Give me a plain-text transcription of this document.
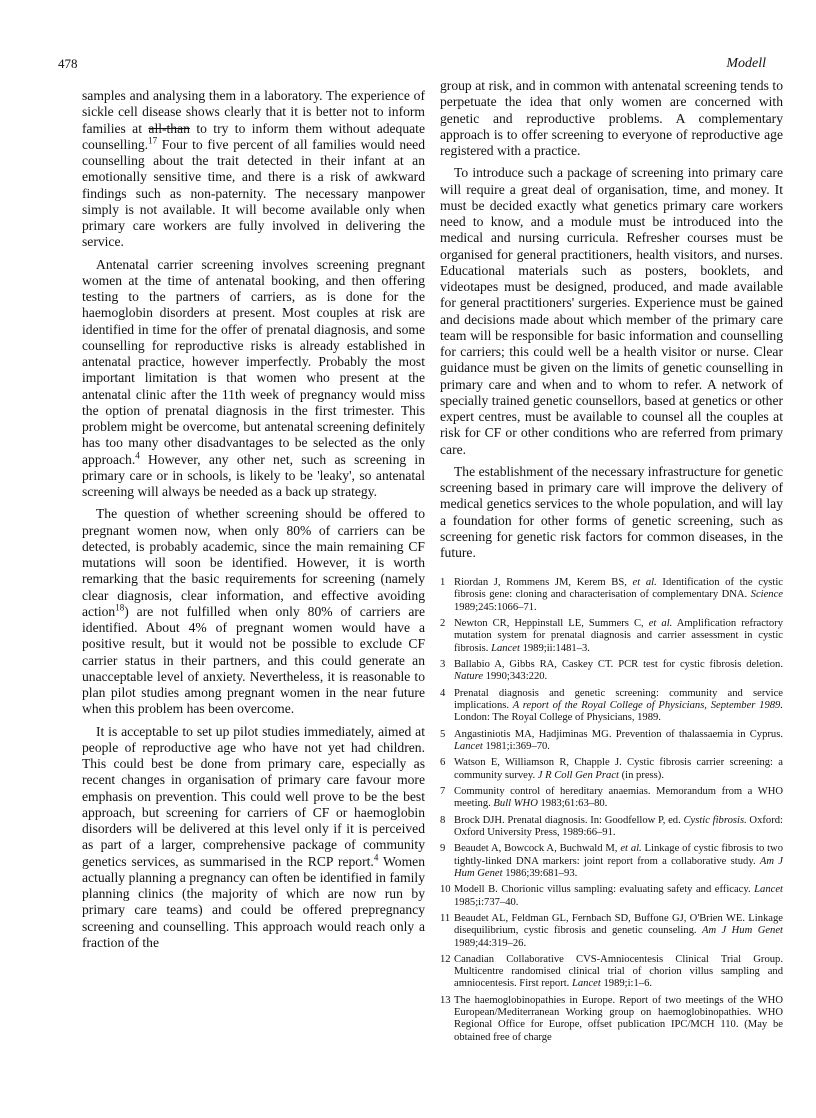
478	Modell

samples and analysing them in a laboratory. The experience of sickle cell disease shows clearly that it is better not to inform families at all-than to try to inform them without adequate counselling.$^{17}$ Four to five percent of all families would need counselling about the trait detected in their infant at an emotionally sensitive time, and there is a risk of awkward findings such as non-paternity. The necessary manpower simply is not available. It will become available only when primary care workers are fully involved in delivering the service.

Antenatal carrier screening involves screening pregnant women at the time of antenatal booking, and then offering testing to the partners of carriers, as is done for the haemoglobin disorders at present. Most couples at risk are identified in time for the offer of prenatal diagnosis, and some counselling for reproductive risks is already established in antenatal practice, however imperfectly. Probably the most important limitation is that women who present at the antenatal clinic after the 11th week of pregnancy would miss the option of prenatal diagnosis in the first trimester. This problem might be overcome, but antenatal screening definitely has too many other disadvantages to be selected as the only approach.$^4$ However, any other net, such as screening in primary care or in schools, is likely to be 'leaky', so antenatal screening will always be needed as a back up strategy.

The question of whether screening should be offered to pregnant women now, when only 80% of carriers can be detected, is probably academic, since the main remaining CF mutations will soon be identified. However, it is worth remarking that the basic requirements for screening (namely clear diagnosis, clear information, and effective avoiding action$^{18}$) are not fulfilled when only 80% of carriers are identified. About 4% of pregnant women would have a positive result, but it would not be possible to exclude CF carrier status in their partners, and this could generate an unacceptable level of anxiety. Nevertheless, it is reasonable to plan pilot studies among pregnant women in the near future when this problem has been overcome.

It is acceptable to set up pilot studies immediately, aimed at people of reproductive age who have not yet had children. This could best be done from primary care, especially as recent changes in organisation of primary care favour more emphasis on prevention. This could well prove to be the best approach, but screening for carriers of CF or haemoglobin disorders will be delivered at this level only if it is perceived as part of a larger, comprehensive package of community genetics services, as summarised in the RCP report.$^4$ Women actually planning a pregnancy can often be identified in family planning clinics (the majority of which are now run by primary care teams) and could be offered prepregnancy screening and counselling. This approach would reach only a fraction of the

group at risk, and in common with antenatal screening tends to perpetuate the idea that only women are concerned with genetic and reproductive problems. A complementary approach is to offer screening to everyone of reproductive age registered with a practice.

To introduce such a package of screening into primary care will require a great deal of organisation, time, and money. It must be decided exactly what genetics primary care workers need to know, and a module must be introduced into the medical and nursing curricula. Refresher courses must be organised for general practitioners, health visitors, and nurses. Educational materials such as posters, booklets, and videotapes must be designed, produced, and made available for general practitioners' surgeries. Experience must be gained and decisions made about which member of the primary care team will be responsible for basic information and counselling for carriers; this could well be a health visitor or nurse. Clear guidance must be given on the limits of genetic counselling in primary care and when and to whom to refer. A network of specially trained genetic counsellors, based at genetics or other expert centres, must be available to counsel all the couples at risk for CF or other conditions who are referred from primary care.

The establishment of the necessary infrastructure for genetic screening based in primary care will improve the delivery of medical genetics services to the whole population, and will lay a foundation for other forms of genetic screening, such as screening for genetic risk factors for common diseases, in the future.

1 Riordan J, Rommens JM, Kerem BS, et al. Identification of the cystic fibrosis gene: cloning and characterisation of complementary DNA. Science 1989;245:1066–71.
2 Newton CR, Heppinstall LE, Summers C, et al. Amplification refractory mutation system for prenatal diagnosis and carrier assessment in cystic fibrosis. Lancet 1989;ii:1481–3.
3 Ballabio A, Gibbs RA, Caskey CT. PCR test for cystic fibrosis deletion. Nature 1990;343:220.
4 Prenatal diagnosis and genetic screening: community and service implications. A report of the Royal College of Physicians, September 1989. London: The Royal College of Physicians, 1989.
5 Angastiniotis MA, Hadjiminas MG. Prevention of thalassaemia in Cyprus. Lancet 1981;i:369–70.
6 Watson E, Williamson R, Chapple J. Cystic fibrosis carrier screening: a community survey. J R Coll Gen Pract (in press).
7 Community control of hereditary anaemias. Memorandum from a WHO meeting. Bull WHO 1983;61:63–80.
8 Brock DJH. Prenatal diagnosis. In: Goodfellow P, ed. Cystic fibrosis. Oxford: Oxford University Press, 1989:66–91.
9 Beaudet A, Bowcock A, Buchwald M, et al. Linkage of cystic fibrosis to two tightly-linked DNA markers: joint report from a collaborative study. Am J Hum Genet 1986;39:681–93.
10 Modell B. Chorionic villus sampling: evaluating safety and efficacy. Lancet 1985;i:737–40.
11 Beaudet AL, Feldman GL, Fernbach SD, Buffone GJ, O'Brien WE. Linkage disequilibrium, cystic fibrosis and genetic counseling. Am J Hum Genet 1989;44:319–26.
12 Canadian Collaborative CVS-Amniocentesis Clinical Trial Group. Multicentre randomised clinical trial of chorion villus sampling and amniocentesis. First report. Lancet 1989;i:1–6.
13 The haemoglobinopathies in Europe. Report of two meetings of the WHO European/Mediterranean Working group on haemoglobinopathies. WHO Regional Office for Europe, offset publication IPC/MCH 110. (May be obtained free of charge
